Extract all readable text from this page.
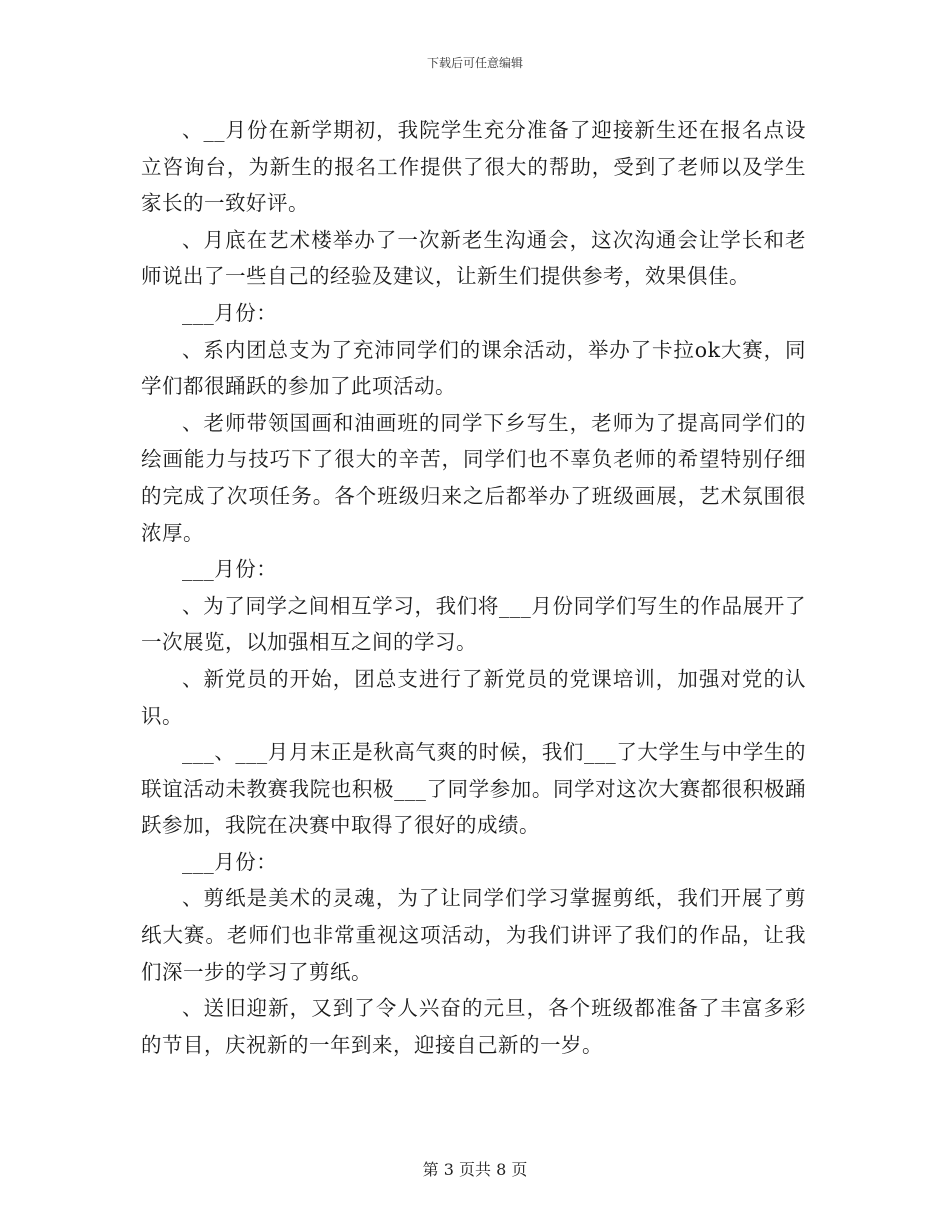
下载后可任意编辑

、__月份在新学期初，我院学生充分准备了迎接新生还在报名点设立咨询台，为新生的报名工作提供了很大的帮助，受到了老师以及学生家长的一致好评。

、月底在艺术楼举办了一次新老生沟通会，这次沟通会让学长和老师说出了一些自己的经验及建议，让新生们提供参考，效果俱佳。

___月份：

、系内团总支为了充沛同学们的课余活动，举办了卡拉ok大赛，同学们都很踊跃的参加了此项活动。

、老师带领国画和油画班的同学下乡写生，老师为了提高同学们的绘画能力与技巧下了很大的辛苦，同学们也不辜负老师的希望特别仔细的完成了次项任务。各个班级归来之后都举办了班级画展，艺术氛围很浓厚。

___月份：

、为了同学之间相互学习，我们将___月份同学们写生的作品展开了一次展览，以加强相互之间的学习。

、新党员的开始，团总支进行了新党员的党课培训，加强对党的认识。

___、___月月末正是秋高气爽的时候，我们___了大学生与中学生的联谊活动未教赛我院也积极___了同学参加。同学对这次大赛都很积极踊跃参加，我院在决赛中取得了很好的成绩。

___月份：

、剪纸是美术的灵魂，为了让同学们学习掌握剪纸，我们开展了剪纸大赛。老师们也非常重视这项活动，为我们讲评了我们的作品，让我们深一步的学习了剪纸。

、送旧迎新，又到了令人兴奋的元旦，各个班级都准备了丰富多彩的节目，庆祝新的一年到来，迎接自己新的一岁。

第 3 页共 8 页
